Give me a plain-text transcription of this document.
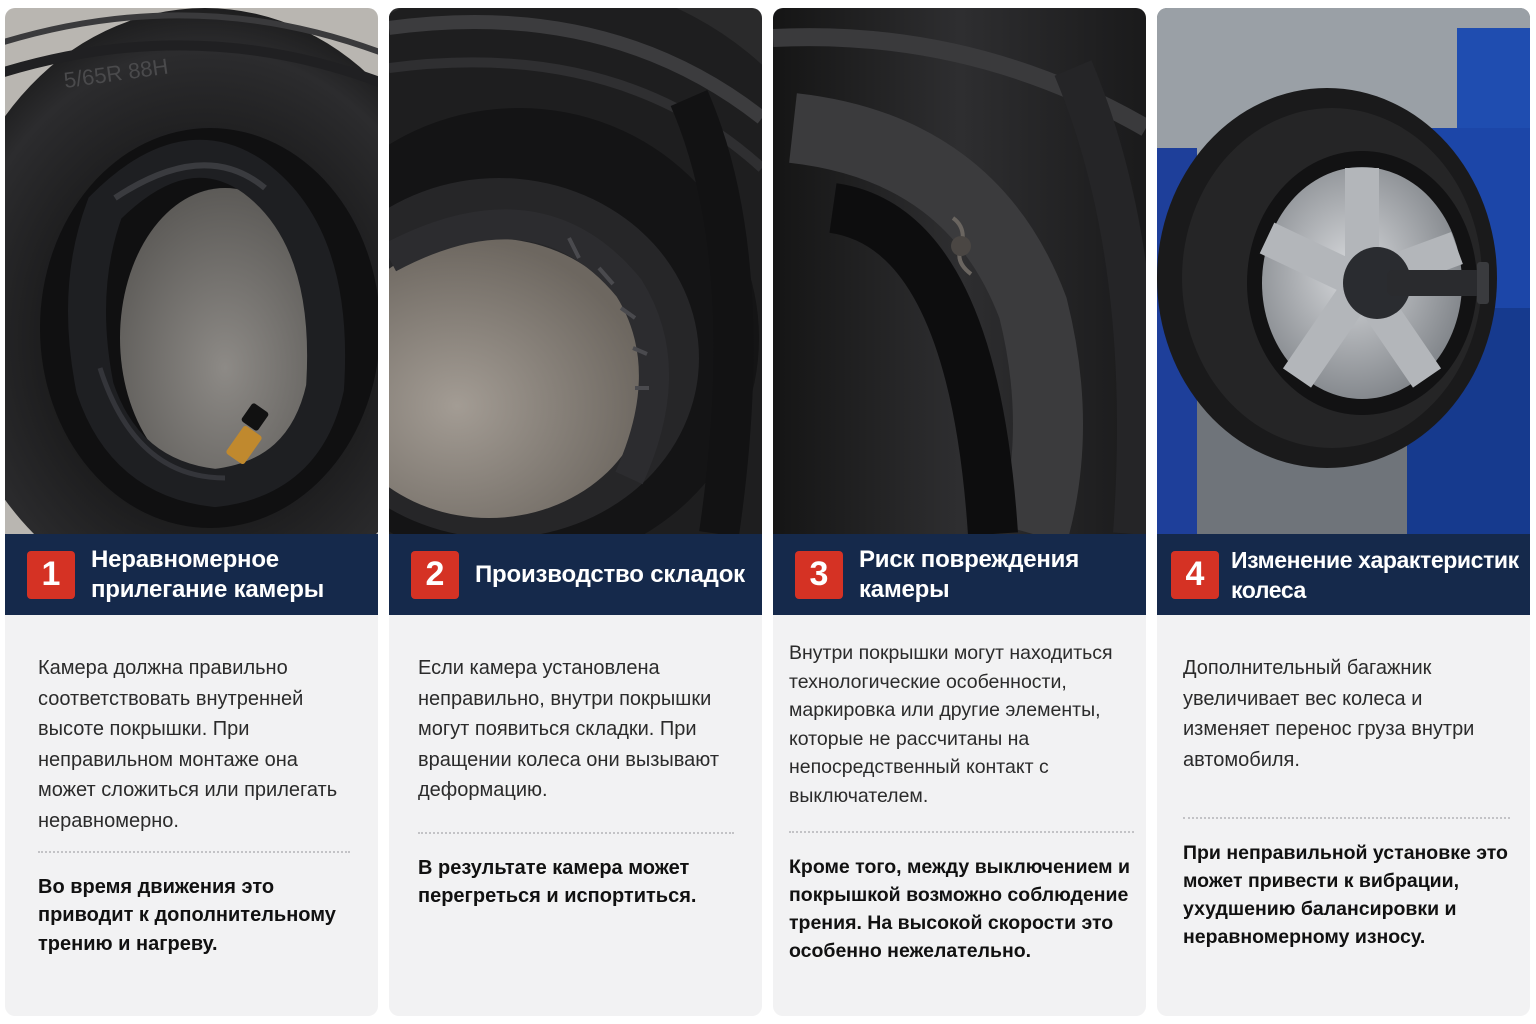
5/65R 88H
1	Неравномерное
прилегание камеры
Камера должна правильно соответствовать внутренней высоте покрышки. При неправильном монтаже она может сложиться или прилегать неравномерно.
Во время движения это приводит к дополнительному трению и нагреву.
2	Производство складок
Если камера установлена неправильно, внутри покрышки могут появиться складки. При вращении колеса они вызывают деформацию.
В результате камера может перегреться и испортиться.
3	Риск повреждения
камеры
Внутри покрышки могут находиться технологические особенности, маркировка или другие элементы, которые не рассчитаны на непосредственный контакт с выключателем.
Кроме того, между выключением и покрышкой возможно соблюдение трения. На высокой скорости это особенно нежелательно.
4	Изменение характеристик
колеса
Дополнительный багажник увеличивает вес колеса и изменяет перенос груза внутри автомобиля.
При неправильной установке это может привести к вибрации, ухудшению балансировки и неравномерному износу.
